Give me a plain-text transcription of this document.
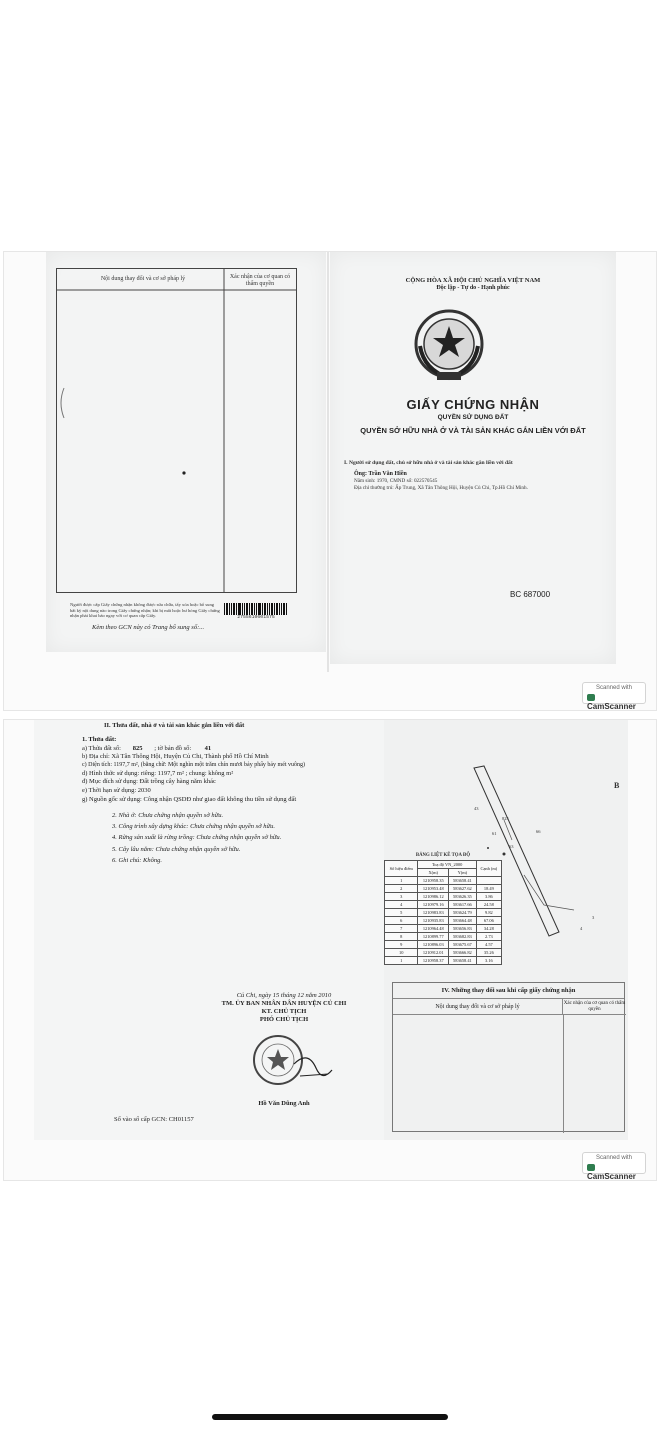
Nội dung thay đổi và cơ sở pháp lý	Xác nhận của cơ quan có thẩm quyền
Người được cấp Giấy chứng nhận không được sửa chữa, tẩy xóa hoặc bổ sung bất kỳ nội dung nào trong Giấy chứng nhận; khi bị mất hoặc hư hỏng Giấy chứng nhận phải khai báo ngay với cơ quan cấp Giấy.	2755610601575
Kèm theo GCN này có Trang bổ sung số:...
CỘNG HÒA XÃ HỘI CHỦ NGHĨA VIỆT NAM
Độc lập - Tự do - Hạnh phúc
GIẤY CHỨNG NHẬN
QUYỀN SỬ DỤNG ĐẤT
QUYỀN SỞ HỮU NHÀ Ở VÀ TÀI SẢN KHÁC GẮN LIỀN VỚI ĐẤT
I. Người sử dụng đất, chủ sở hữu nhà ở và tài sản khác gắn liền với đất
Ông: Trần Văn Hiền
Năm sinh: 1970, CMND số: 022570545
Địa chỉ thường trú: Ấp Trung, Xã Tân Thông Hội, Huyện Củ Chi, Tp.Hồ Chí Minh.
BC 687000
Scanned with
CamScanner
II. Thửa đất, nhà ở và tài sản khác gắn liền với đất
1. Thửa đất:
a) Thửa đất số: 825 ; tờ bản đồ số: 41
b) Địa chỉ: Xã Tân Thông Hội, Huyện Củ Chi, Thành phố Hồ Chí Minh
c) Diện tích: 1197,7 m², (bằng chữ: Một nghìn một trăm chín mươi bảy phẩy bảy mét vuông)
d) Hình thức sử dụng: riêng: 1197,7 m² ; chung: không m²
đ) Mục đích sử dụng: Đất trồng cây hàng năm khác
e) Thời hạn sử dụng: 2030
g) Nguồn gốc sử dụng: Công nhận QSDĐ như giao đất không thu tiền sử dụng đất
2. Nhà ở: Chưa chứng nhận quyền sở hữu.
3. Công trình xây dựng khác: Chưa chứng nhận quyền sở hữu.
4. Rừng sản xuất là rừng trồng: Chưa chứng nhận quyền sở hữu.
5. Cây lâu năm: Chưa chứng nhận quyền sở hữu.
6. Ghi chú: Không.
B
825
43
61
63
66
4
3
BẢNG LIỆT KÊ TỌA ĐỘ
Số hiệu điểm	Toạ độ VN_2000		Cạnh (m)
	X(m)	Y(m)	
1	1210958.35	583658.41	
2	1210953.48	583627.62	18.49
3	1210986.12	583626.35	3.86
4	1210979.16	583617.66	24.58
5	1210983.83	583624.79	9.82
6	1210935.83	583664.48	67.06
7	1210964.48	583656.83	34.28
8	1210899.77	583682.83	2.73
9	1210896.03	583675.67	4.57
10	1210912.01	583666.82	35.26
1	1210958.37	583658.41	3.16
IV. Những thay đổi sau khi cấp giấy chứng nhận
Nội dung thay đổi và cơ sở pháp lý
Xác nhận của cơ quan có thẩm quyền
Củ Chi, ngày 15 tháng 12 năm 2010
TM. ỦY BAN NHÂN DÂN HUYỆN CỦ CHI
KT. CHỦ TỊCH
PHÓ CHỦ TỊCH
Hồ Văn Dũng Anh
Số vào sổ cấp GCN: CH01157
Scanned with
CamScanner
